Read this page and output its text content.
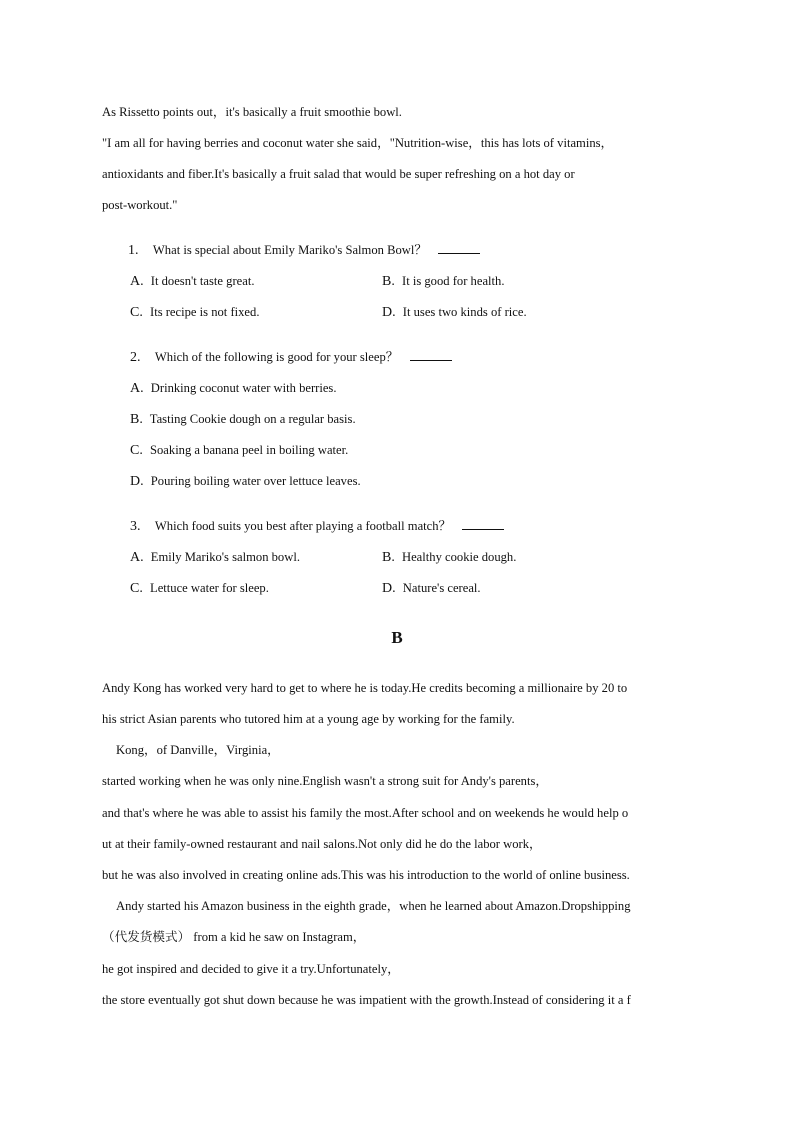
As Rissetto points out，it's basically a fruit smoothie bowl.
"I am all for having berries and coconut water she said，"Nutrition-wise，this has lots of vitamins，
antioxidants and fiber.It's basically a fruit salad that would be super refreshing on a hot day or
post-workout."
1. What is special about Emily Mariko's Salmon Bowl？
A. It doesn't taste great.	B. It is good for health.
C. Its recipe is not fixed.	D. It uses two kinds of rice.
2. Which of the following is good for your sleep？
A. Drinking coconut water with berries.
B. Tasting Cookie dough on a regular basis.
C. Soaking a banana peel in boiling water.
D. Pouring boiling water over lettuce leaves.
3. Which food suits you best after playing a football match？
A. Emily Mariko's salmon bowl.	B. Healthy cookie dough.
C. Lettuce water for sleep.	D. Nature's cereal.
B
Andy Kong has worked very hard to get to where he is today.He credits becoming a millionaire by 20 to
his strict Asian parents who tutored him at a young age by working for the family.
Kong，of Danville，Virginia，
started working when he was only nine.English wasn't a strong suit for Andy's parents，
and that's where he was able to assist his family the most.After school and on weekends he would help o
ut at their family-owned restaurant and nail salons.Not only did he do the labor work，
but he was also involved in creating online ads.This was his introduction to the world of online business.
Andy started his Amazon business in the eighth grade，when he learned about Amazon.Dropshipping
（代发货模式） from a kid he saw on Instagram，
he got inspired and decided to give it a try.Unfortunately，
the store eventually got shut down because he was impatient with the growth.Instead of considering it a f
